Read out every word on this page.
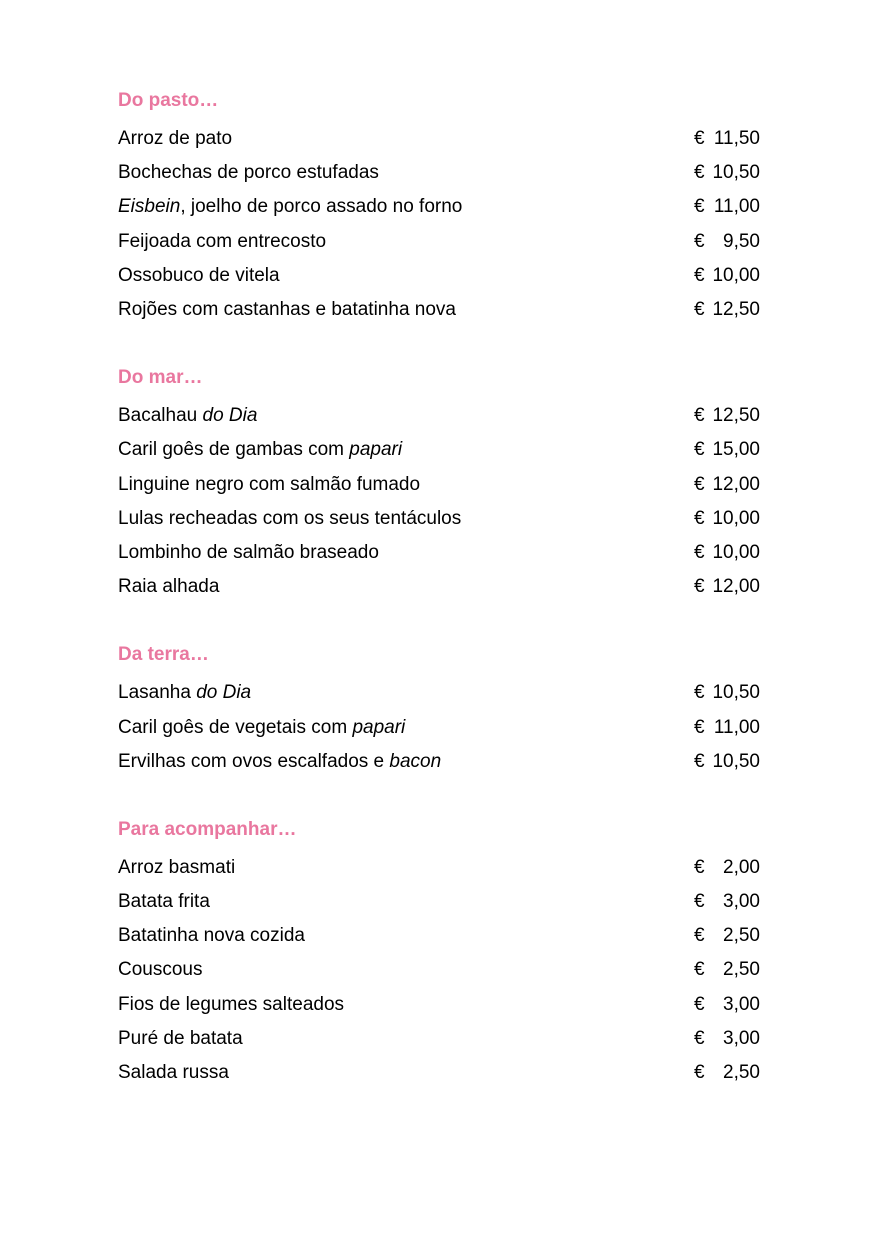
Do pasto…
Arroz de pato	€ 11,50
Bochechas de porco estufadas	€ 10,50
Eisbein, joelho de porco assado no forno	€ 11,00
Feijoada com entrecosto	€ 9,50
Ossobuco de vitela	€ 10,00
Rojões com castanhas e batatinha nova	€ 12,50
Do mar…
Bacalhau do Dia	€ 12,50
Caril goês de gambas com papari	€ 15,00
Linguine negro com salmão fumado	€ 12,00
Lulas recheadas com os seus tentáculos	€ 10,00
Lombinho de salmão braseado	€ 10,00
Raia alhada	€ 12,00
Da terra…
Lasanha do Dia	€ 10,50
Caril goês de vegetais com papari	€ 11,00
Ervilhas com ovos escalfados e bacon	€ 10,50
Para acompanhar…
Arroz basmati	€ 2,00
Batata frita	€ 3,00
Batatinha nova cozida	€ 2,50
Couscous	€ 2,50
Fios de legumes salteados	€ 3,00
Puré de batata	€ 3,00
Salada russa	€ 2,50
